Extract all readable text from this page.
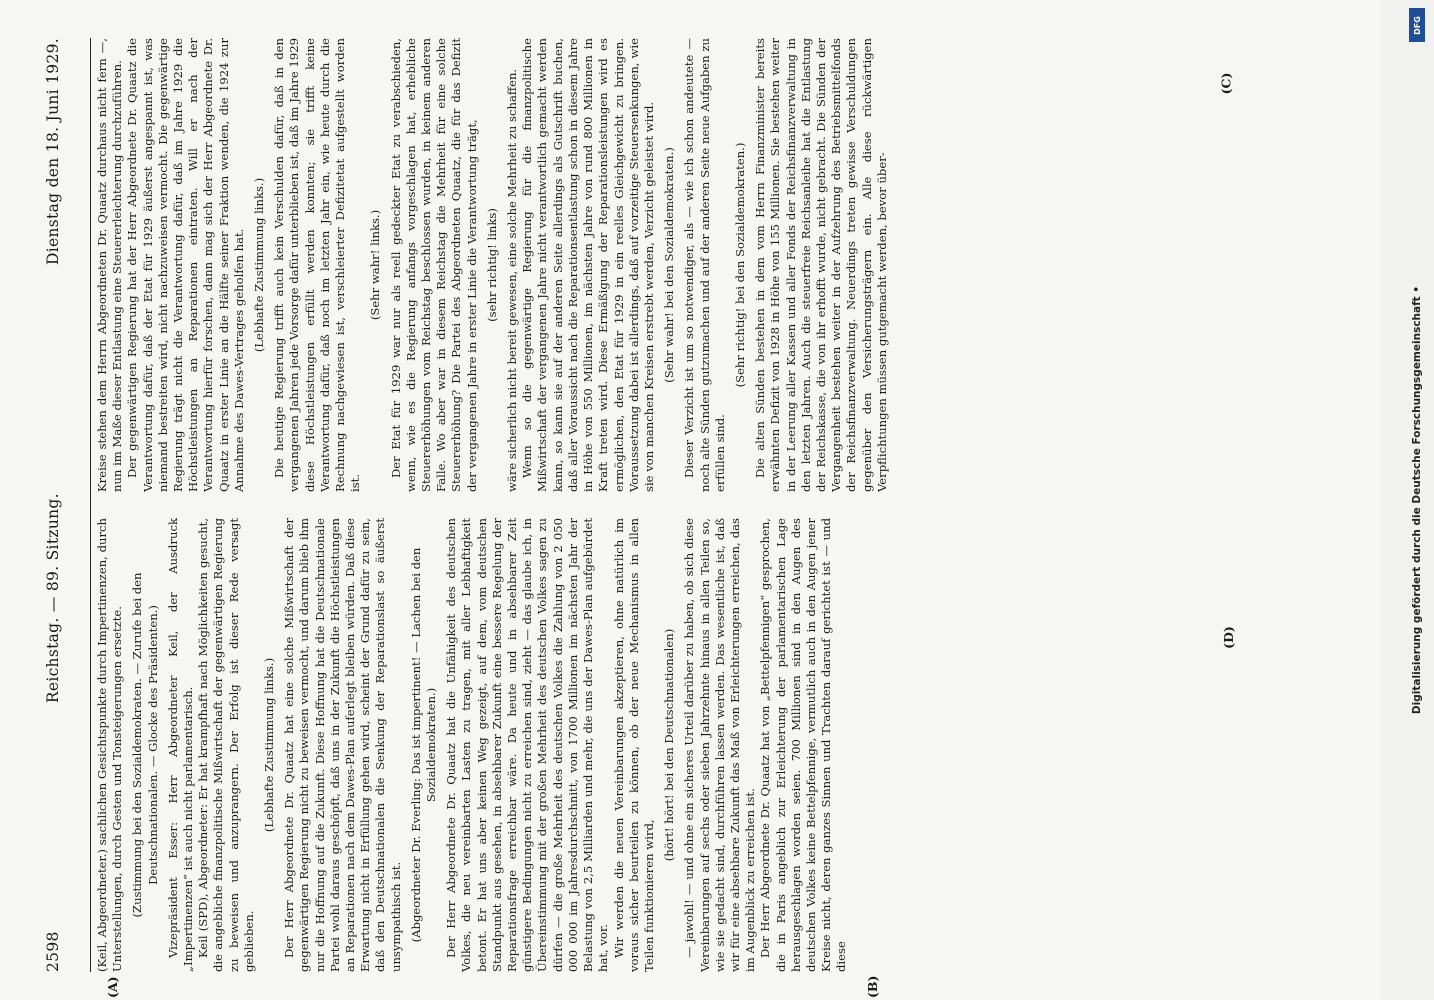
2598
Reichstag. — 89. Sitzung.
Dienstag den 18. Juni 1929.
(A)	(B)

(Keil, Abgeordneter.) sachlichen Gesichtspunkte durch Impertinenzen, durch Unterstellungen, durch Gesten und Tonsteigerungen ersetzte. (Zustimmung bei den Sozialdemokraten. — Zurufe bei den Deutschnationalen. — Glocke des Präsidenten.) Vizepräsident Esser: Herr Abgeordneter Keil, der Ausdruck „Impertinenzen“ ist auch nicht parlamentarisch. Keil (SPD), Abgeordneter: Er hat krampfhaft nach Möglichkeiten gesucht, die angebliche finanzpolitische Mißwirtschaft der gegenwärtigen Regierung zu beweisen und anzuprangern. Der Erfolg ist dieser Rede versagt geblieben.

(Lebhafte Zustimmung links.) Der Herr Abgeordnete Dr. Quaatz hat eine solche Mißwirtschaft der gegenwärtigen Regierung nicht zu beweisen vermocht, und darum blieb ihm nur die Hoffnung auf die Zukunft. Diese Hoffnung hat die Deutschnationale Partei wohl daraus geschöpft, daß uns in der Zukunft die Höchstleistungen an Reparationen nach dem Dawes-Plan auferlegt bleiben würden. Daß diese Erwartung nicht in Erfüllung gehen wird, scheint der Grund dafür zu sein, daß den Deutschnationalen die Senkung der Reparationslast so äußerst unsympathisch ist. (Abgeordneter Dr. Everling: Das ist impertinent! — Lachen bei den Sozialdemokraten.) Der Herr Abgeordnete Dr. Quaatz hat die Unfähigkeit des deutschen Volkes, die neu vereinbarten Lasten zu tragen, mit aller Lebhaftigkeit betont. Er hat uns aber keinen Weg gezeigt, auf dem, vom deutschen Standpunkt aus gesehen, in absehbarer Zukunft eine bessere Regelung der Reparationsfrage erreichbar wäre. Da heute und in absehbarer Zeit günstigere Bedingungen nicht zu erreichen sind, zieht — das glaube ich, in Übereinstimmung mit der großen Mehrheit des deutschen Volkes sagen zu dürfen — die große Mehrheit des deutschen Volkes die Zahlung von 2 050 000 000 im Jahresdurchschnitt, von 1700 Millionen im nächsten Jahr der Belastung von 2,5 Milliarden und mehr, die uns der Dawes-Plan aufgebürdet hat, vor. Wir werden die neuen Vereinbarungen akzeptieren, ohne natürlich im voraus sicher beurteilen zu können, ob der neue Mechanismus in allen Teilen funktionieren wird,

(hört! hört! bei den Deutschnationalen) — jawohl! — und ohne ein sicheres Urteil darüber zu haben, ob sich diese Vereinbarungen auf sechs oder sieben Jahrzehnte hinaus in allen Teilen so, wie sie gedacht sind, durchführen lassen werden. Das wesentliche ist, daß wir für eine absehbare Zukunft das Maß von Erleichterungen erreichen, das im Augenblick zu erreichen ist. Der Herr Abgeordnete Dr. Quaatz hat von „Bettelpfennigen“ gesprochen, die in Paris angeblich zur Erleichterung der parlamentarischen Lage herausgeschlagen worden seien. 700 Millionen sind in den Augen des deutschen Volkes keine Bettelpfennige, vermutlich auch in den Augen jener Kreise nicht, deren ganzes Sinnen und Trachten darauf gerichtet ist — und diese

Kreise stehen dem Herrn Abgeordneten Dr. Quaatz durchaus nicht fern —, nun im Maße dieser Entlastung eine Steuererleichterung durchzuführen. Der gegenwärtigen Regierung hat der Herr Abgeordnete Dr. Quaatz die Verantwortung dafür, daß der Etat für 1929 äußerst angespannt ist, was niemand bestreiten wird, nicht nachzuweisen vermocht. Die gegenwärtige Regierung trägt nicht die Verantwortung dafür, daß im Jahre 1929 die Höchstleistungen an Reparationen eintraten. Will er nach der Verantwortung hierfür forschen, dann mag sich der Herr Abgeordnete Dr. Quaatz in erster Linie an die Hälfte seiner Fraktion wenden, die 1924 zur Annahme des Dawes-Vertrages geholfen hat. (Lebhafte Zustimmung links.) Die heutige Regierung trifft auch kein Verschulden dafür, daß in den vergangenen Jahren jede Vorsorge dafür unterblieben ist, daß im Jahre 1929 diese Höchstleistungen erfüllt werden konnten; sie trifft keine Verantwortung dafür, daß noch im letzten Jahr ein, wie heute durch die Rechnung nachgewiesen ist, verschleierter Defizitetat aufgestellt worden ist.

(Sehr wahr! links.) Der Etat für 1929 war nur als reell gedeckter Etat zu verabschieden, wenn, wie es die Regierung anfangs vorgeschlagen hat, erhebliche Steuererhöhungen vom Reichstag beschlossen wurden, in keinem anderen Falle. Wo aber war in diesem Reichstag die Mehrheit für eine solche Steuererhöhung? Die Partei des Abgeordneten Quaatz, die für das Defizit der vergangenen Jahre in erster Linie die Verantwortung trägt, (sehr richtig! links) wäre sicherlich nicht bereit gewesen, eine solche Mehrheit zu schaffen. Wenn so die gegenwärtige Regierung für die finanzpolitische Mißwirtschaft der vergangenen Jahre nicht verantwortlich gemacht werden kann, so kann sie auf der anderen Seite allerdings als Gutschrift buchen, daß aller Voraussicht nach die Reparationsentlastung schon in diesem Jahre in Höhe von 550 Millionen, im nächsten Jahre von rund 800 Millionen in Kraft treten wird. Diese Ermäßigung der Reparationsleistungen wird es ermöglichen, den Etat für 1929 in ein reelles Gleichgewicht zu bringen. Voraussetzung dabei ist allerdings, daß auf vorzeitige Steuersenkungen, wie sie von manchen Kreisen erstrebt werden, Verzicht geleistet wird. (Sehr wahr! bei den Sozialdemokraten.) Dieser Verzicht ist um so notwendiger, als — wie ich schon andeutete — noch alte Sünden gutzumachen und auf der anderen Seite neue Aufgaben zu erfüllen sind.

(Sehr richtig! bei den Sozialdemokraten.) Die alten Sünden bestehen in dem vom Herrn Finanzminister bereits erwähnten Defizit von 1928 in Höhe von 155 Millionen. Sie bestehen weiter in der Leerung aller Kassen und aller Fonds der Reichsfinanzverwaltung in den letzten Jahren. Auch die steuerfreie Reichsanleihe hat die Entlastung der Reichskasse, die von ihr erhofft wurde, nicht gebracht. Die Sünden der Vergangenheit bestehen weiter in der Aufzehrung des Betriebsmittelfonds der Reichsfinanzverwaltung. Neuerdings treten gewisse Verschuldungen gegenüber den Versicherungsträgern ein. Alle diese rückwärtigen Verpflichtungen müssen gutgemacht werden, bevor über-

(C)
(D)	Digitalisierung gefördert durch die Deutsche Forschungsgemeinschaft •
DFG
